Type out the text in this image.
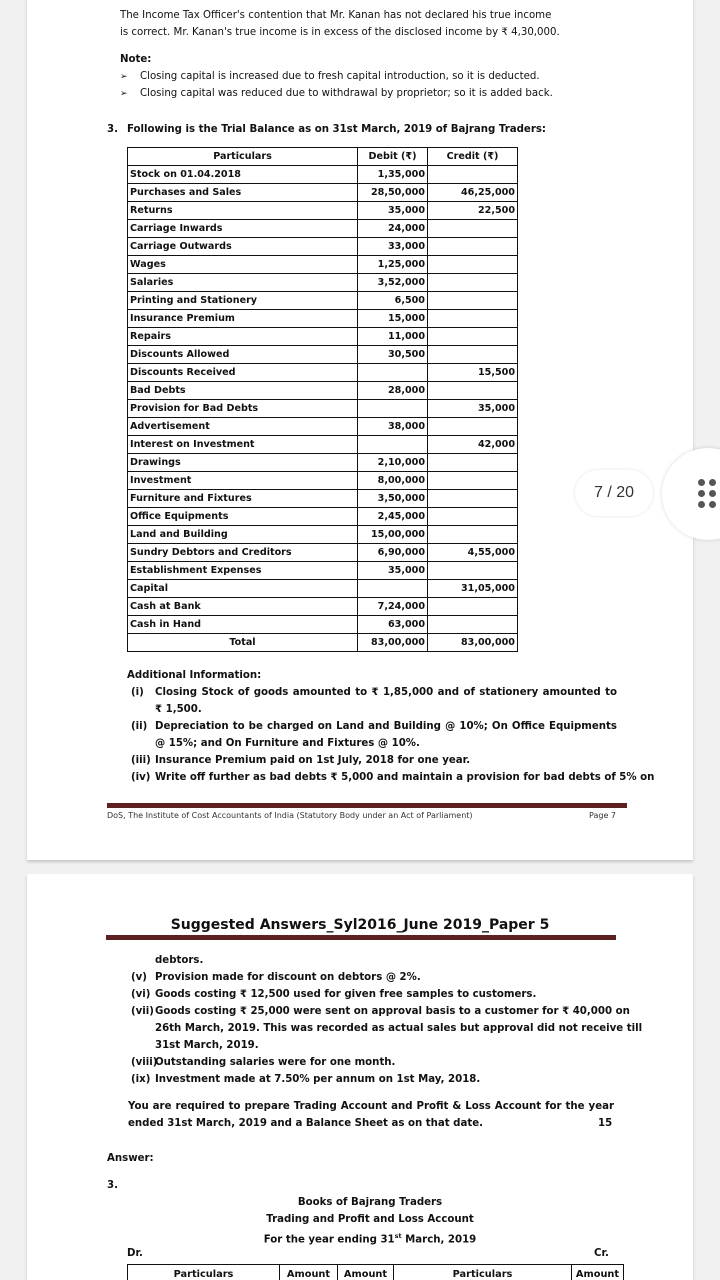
The Income Tax Officer's contention that Mr. Kanan has not declared his true income
is correct. Mr. Kanan's true income is in excess of the disclosed income by ₹ 4,30,000.
Note:
➢ Closing capital is increased due to fresh capital introduction, so it is deducted.
➢ Closing capital was reduced due to withdrawal by proprietor; so it is added back.
3. Following is the Trial Balance as on 31st March, 2019 of Bajrang Traders:
Particulars	Debit (₹)	Credit (₹)
Stock on 01.04.2018	1,35,000	
Purchases and Sales	28,50,000	46,25,000
Returns	35,000	22,500
Carriage Inwards	24,000	
Carriage Outwards	33,000	
Wages	1,25,000	
Salaries	3,52,000	
Printing and Stationery	6,500	
Insurance Premium	15,000	
Repairs	11,000	
Discounts Allowed	30,500	
Discounts Received		15,500
Bad Debts	28,000	
Provision for Bad Debts		35,000
Advertisement	38,000	
Interest on Investment		42,000
Drawings	2,10,000	
Investment	8,00,000	
Furniture and Fixtures	3,50,000	
Office Equipments	2,45,000	
Land and Building	15,00,000	
Sundry Debtors and Creditors	6,90,000	4,55,000
Establishment Expenses	35,000	
Capital		31,05,000
Cash at Bank	7,24,000	
Cash in Hand	63,000	
Total	83,00,000	83,00,000
Additional Information:
(i) Closing Stock of goods amounted to ₹ 1,85,000 and of stationery amounted to
₹ 1,500.
(ii) Depreciation to be charged on Land and Building @ 10%; On Office Equipments
@ 15%; and On Furniture and Fixtures @ 10%.
(iii) Insurance Premium paid on 1st July, 2018 for one year.
(iv) Write off further as bad debts ₹ 5,000 and maintain a provision for bad debts of 5% on
DoS, The Institute of Cost Accountants of India (Statutory Body under an Act of Parliament)	Page 7
Suggested Answers_Syl2016_June 2019_Paper 5
debtors.
(v) Provision made for discount on debtors @ 2%.
(vi) Goods costing ₹ 12,500 used for given free samples to customers.
(vii)Goods costing ₹ 25,000 were sent on approval basis to a customer for ₹ 40,000 on
26th March, 2019. This was recorded as actual sales but approval did not receive till
31st March, 2019.
(viii)Outstanding salaries were for one month.
(ix) Investment made at 7.50% per annum on 1st May, 2018.
You are required to prepare Trading Account and Profit & Loss Account for the year
ended 31st March, 2019 and a Balance Sheet as on that date.	15
Answer:
3.
Books of Bajrang Traders
Trading and Profit and Loss Account
For the year ending 31st March, 2019
Dr.	Cr.
Particulars	Amount	Amount	Particulars	Amount
7 / 20
